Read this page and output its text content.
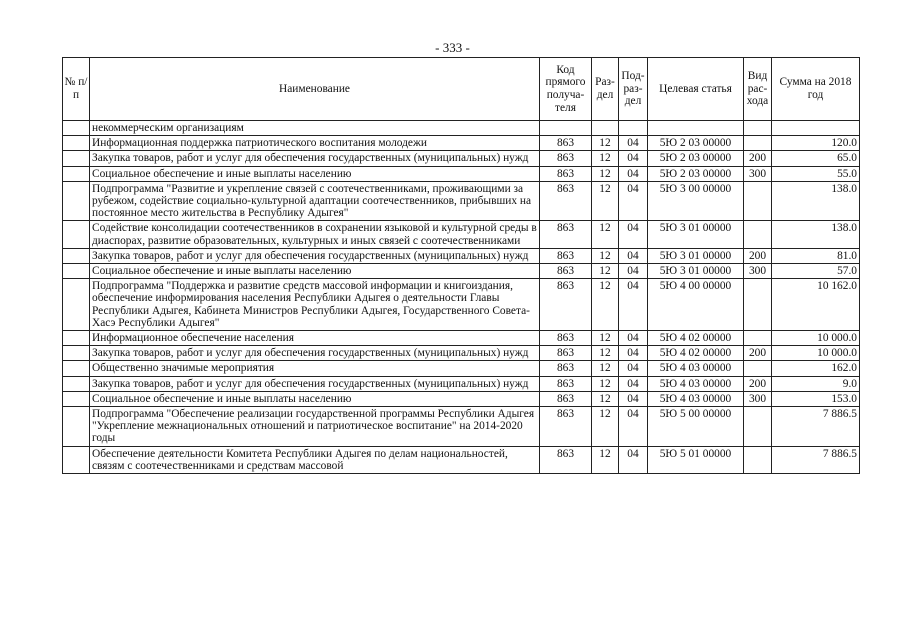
- 333 -
№ п/п	Наименование	Код прямого получа-теля	Раз-дел	Под-раз-дел	Целевая статья	Вид рас-хода	Сумма на 2018 год
	некоммерческим организациям						
	Информационная поддержка патриотического воспитания молодежи	863	12	04	5Ю 2 03 00000		120.0
	Закупка товаров, работ и услуг для обеспечения государственных (муниципальных) нужд	863	12	04	5Ю 2 03 00000	200	65.0
	Социальное обеспечение и иные выплаты населению	863	12	04	5Ю 2 03 00000	300	55.0
	Подпрограмма "Развитие и укрепление связей с соотечественниками, проживающими за рубежом, содействие социально-культурной адаптации соотечественников, прибывших на постоянное место жительства в Республику Адыгея"	863	12	04	5Ю 3 00 00000		138.0
	Содействие консолидации соотечественников в сохранении языковой и культурной среды в диаспорах, развитие образовательных, культурных и иных связей с соотечественниками	863	12	04	5Ю 3 01 00000		138.0
	Закупка товаров, работ и услуг для обеспечения государственных (муниципальных) нужд	863	12	04	5Ю 3 01 00000	200	81.0
	Социальное обеспечение и иные выплаты населению	863	12	04	5Ю 3 01 00000	300	57.0
	Подпрограмма "Поддержка и развитие средств массовой информации и книгоиздания, обеспечение информирования населения Республики Адыгея о деятельности Главы Республики Адыгея, Кабинета Министров Республики Адыгея, Государственного Совета-Хасэ Республики Адыгея"	863	12	04	5Ю 4 00 00000		10 162.0
	Информационное обеспечение населения	863	12	04	5Ю 4 02 00000		10 000.0
	Закупка товаров, работ и услуг для обеспечения государственных (муниципальных) нужд	863	12	04	5Ю 4 02 00000	200	10 000.0
	Общественно значимые мероприятия	863	12	04	5Ю 4 03 00000		162.0
	Закупка товаров, работ и услуг для обеспечения государственных (муниципальных) нужд	863	12	04	5Ю 4 03 00000	200	9.0
	Социальное обеспечение и иные выплаты населению	863	12	04	5Ю 4 03 00000	300	153.0
	Подпрограмма "Обеспечение реализации государственной программы Республики Адыгея "Укрепление межнациональных отношений и патриотическое воспитание" на 2014-2020 годы	863	12	04	5Ю 5 00 00000		7 886.5
	Обеспечение деятельности Комитета Республики Адыгея по делам национальностей, связям с соотечественниками и средствам массовой	863	12	04	5Ю 5 01 00000		7 886.5
